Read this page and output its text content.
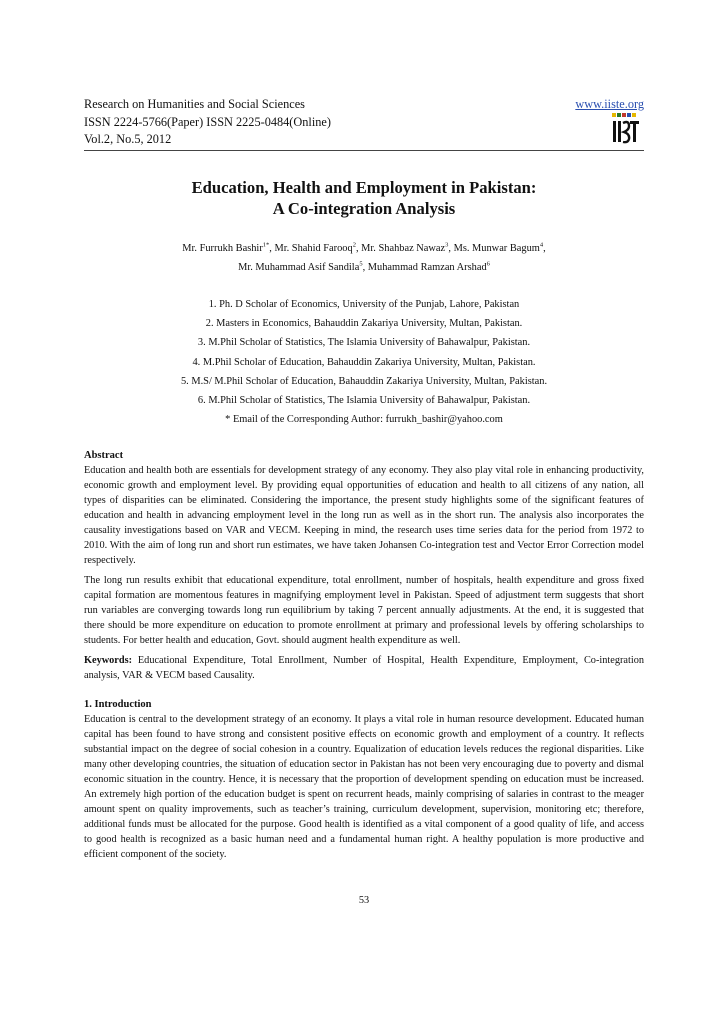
Research on Humanities and Social Sciences
ISSN 2224-5766(Paper) ISSN 2225-0484(Online)
Vol.2, No.5, 2012
www.iiste.org
Education, Health and Employment in Pakistan:
A Co-integration Analysis
Mr. Furrukh Bashir$^{1*}$, Mr. Shahid Farooq$^2$, Mr. Shahbaz Nawaz$^3$, Ms. Munwar Bagum$^4$,
Mr. Muhammad Asif Sandila$^5$, Muhammad Ramzan Arshad$^6$
1. Ph. D Scholar of Economics, University of the Punjab, Lahore, Pakistan
2. Masters in Economics, Bahauddin Zakariya University, Multan, Pakistan.
3. M.Phil Scholar of Statistics, The Islamia University of Bahawalpur, Pakistan.
4. M.Phil Scholar of Education, Bahauddin Zakariya University, Multan, Pakistan.
5. M.S/ M.Phil Scholar of Education, Bahauddin Zakariya University, Multan, Pakistan.
6. M.Phil Scholar of Statistics, The Islamia University of Bahawalpur, Pakistan.
* Email of the Corresponding Author: furrukh_bashir@yahoo.com
Abstract

Education and health both are essentials for development strategy of any economy. They also play vital role in enhancing productivity, economic growth and employment level. By providing equal opportunities of education and health to all citizens of any nation, all types of disparities can be eliminated. Considering the importance, the present study highlights some of the significant features of education and health in advancing employment level in the long run as well as in the short run. The analysis also incorporates the causality investigations based on VAR and VECM. Keeping in mind, the research uses time series data for the period from 1972 to 2010. With the aim of long run and short run estimates, we have taken Johansen Co-integration test and Vector Error Correction model respectively.

The long run results exhibit that educational expenditure, total enrollment, number of hospitals, health expenditure and gross fixed capital formation are momentous features in magnifying employment level in Pakistan. Speed of adjustment term suggests that short run variables are converging towards long run equilibrium by taking 7 percent annually adjustments. At the end, it is suggested that there should be more expenditure on education to promote enrollment at primary and professional levels by offering scholarships to students. For better health and education, Govt. should augment health expenditure as well.

Keywords: Educational Expenditure, Total Enrollment, Number of Hospital, Health Expenditure, Employment, Co-integration analysis, VAR & VECM based Causality.

1. Introduction

Education is central to the development strategy of an economy. It plays a vital role in human resource development. Educated human capital has been found to have strong and consistent positive effects on economic growth and employment of a country. It reflects substantial impact on the degree of social cohesion in a country. Equalization of education levels reduces the regional disparities. Like many other developing countries, the situation of education sector in Pakistan has not been very encouraging due to poverty and dismal economic situation in the country. Hence, it is necessary that the proportion of development spending on education must be increased. An extremely high portion of the education budget is spent on recurrent heads, mainly comprising of salaries in contrast to the meager amount spent on quality improvements, such as teacher’s training, curriculum development, supervision, monitoring etc; therefore, additional funds must be allocated for the purpose. Good health is identified as a vital component of a good quality of life, and access to good health is recognized as a basic human need and a fundamental human right. A healthy population is more productive and efficient component of the society.

53
